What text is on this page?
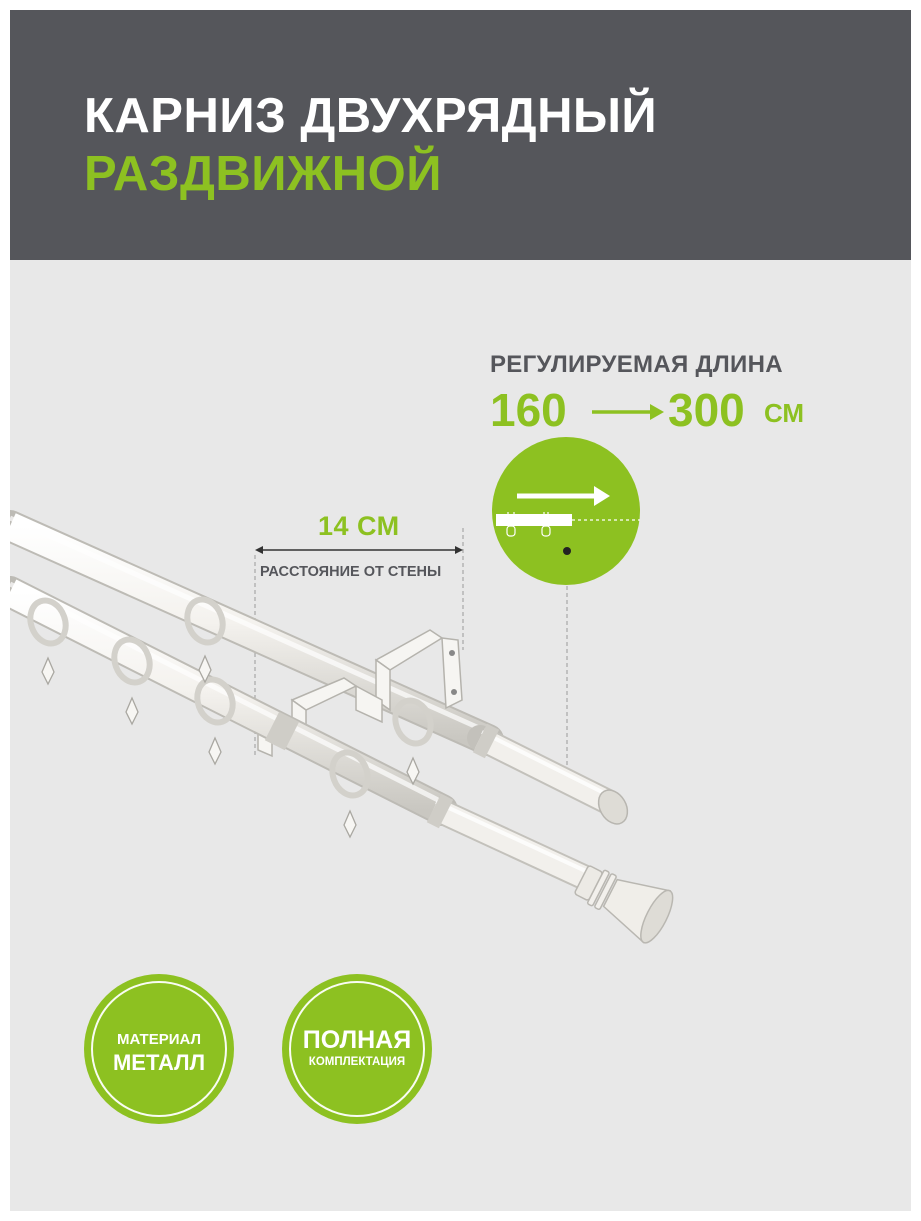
КАРНИЗ ДВУХРЯДНЫЙ
РАЗДВИЖНОЙ
РЕГУЛИРУЕМАЯ ДЛИНА
160 300 СМ
14 СМ
РАССТОЯНИЕ ОТ СТЕНЫ
МАТЕРИАЛ
МЕТАЛЛ
ПОЛНАЯ
КОМПЛЕКТАЦИЯ
